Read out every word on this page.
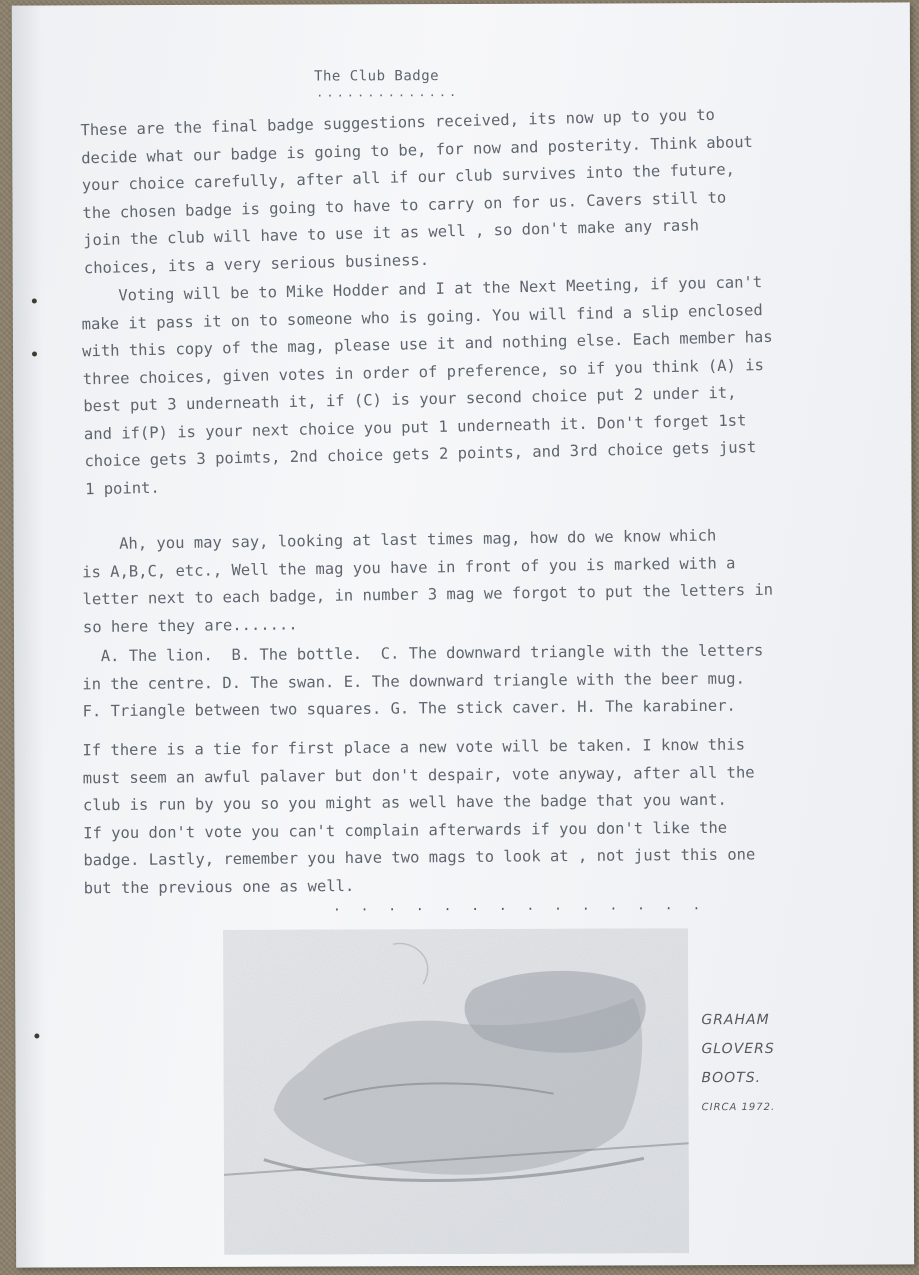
The Club Badge
..............
These are the final badge suggestions received, its now up to you to
decide what our badge is going to be, for now and posterity. Think about
your choice carefully, after all if our club survives into the future,
the chosen badge is going to have to carry on for us. Cavers still to
join the club will have to use it as well , so don't make any rash
choices, its a very serious business.
Voting will be to Mike Hodder and I at the Next Meeting, if you can't
make it pass it on to someone who is going. You will find a slip enclosed
with this copy of the mag, please use it and nothing else. Each member has
three choices, given votes in order of preference, so if you think (A) is
best put 3 underneath it, if (C) is your second choice put 2 under it,
and if(P) is your next choice you put 1 underneath it. Don't forget 1st
choice gets 3 poimts, 2nd choice gets 2 points, and 3rd choice gets just
1 point.
Ah, you may say, looking at last times mag, how do we know which
is A,B,C, etc., Well the mag you have in front of you is marked with a
letter next to each badge, in number 3 mag we forgot to put the letters in
so here they are.......
A. The lion.  B. The bottle.  C. The downward triangle with the letters
in the centre. D. The swan. E. The downward triangle with the beer mug.
F. Triangle between two squares. G. The stick caver. H. The karabiner.
If there is a tie for first place a new vote will be taken. I know this
must seem an awful palaver but don't despair, vote anyway, after all the
club is run by you so you might as well have the badge that you want.
If you don't vote you can't complain afterwards if you don't like the
badge. Lastly, remember you have two mags to look at , not just this one
but the previous one as well.
. . . . . . . . . . . . . .
GRAHAM
GLOVERS
BOOTS.
CIRCA 1972.
